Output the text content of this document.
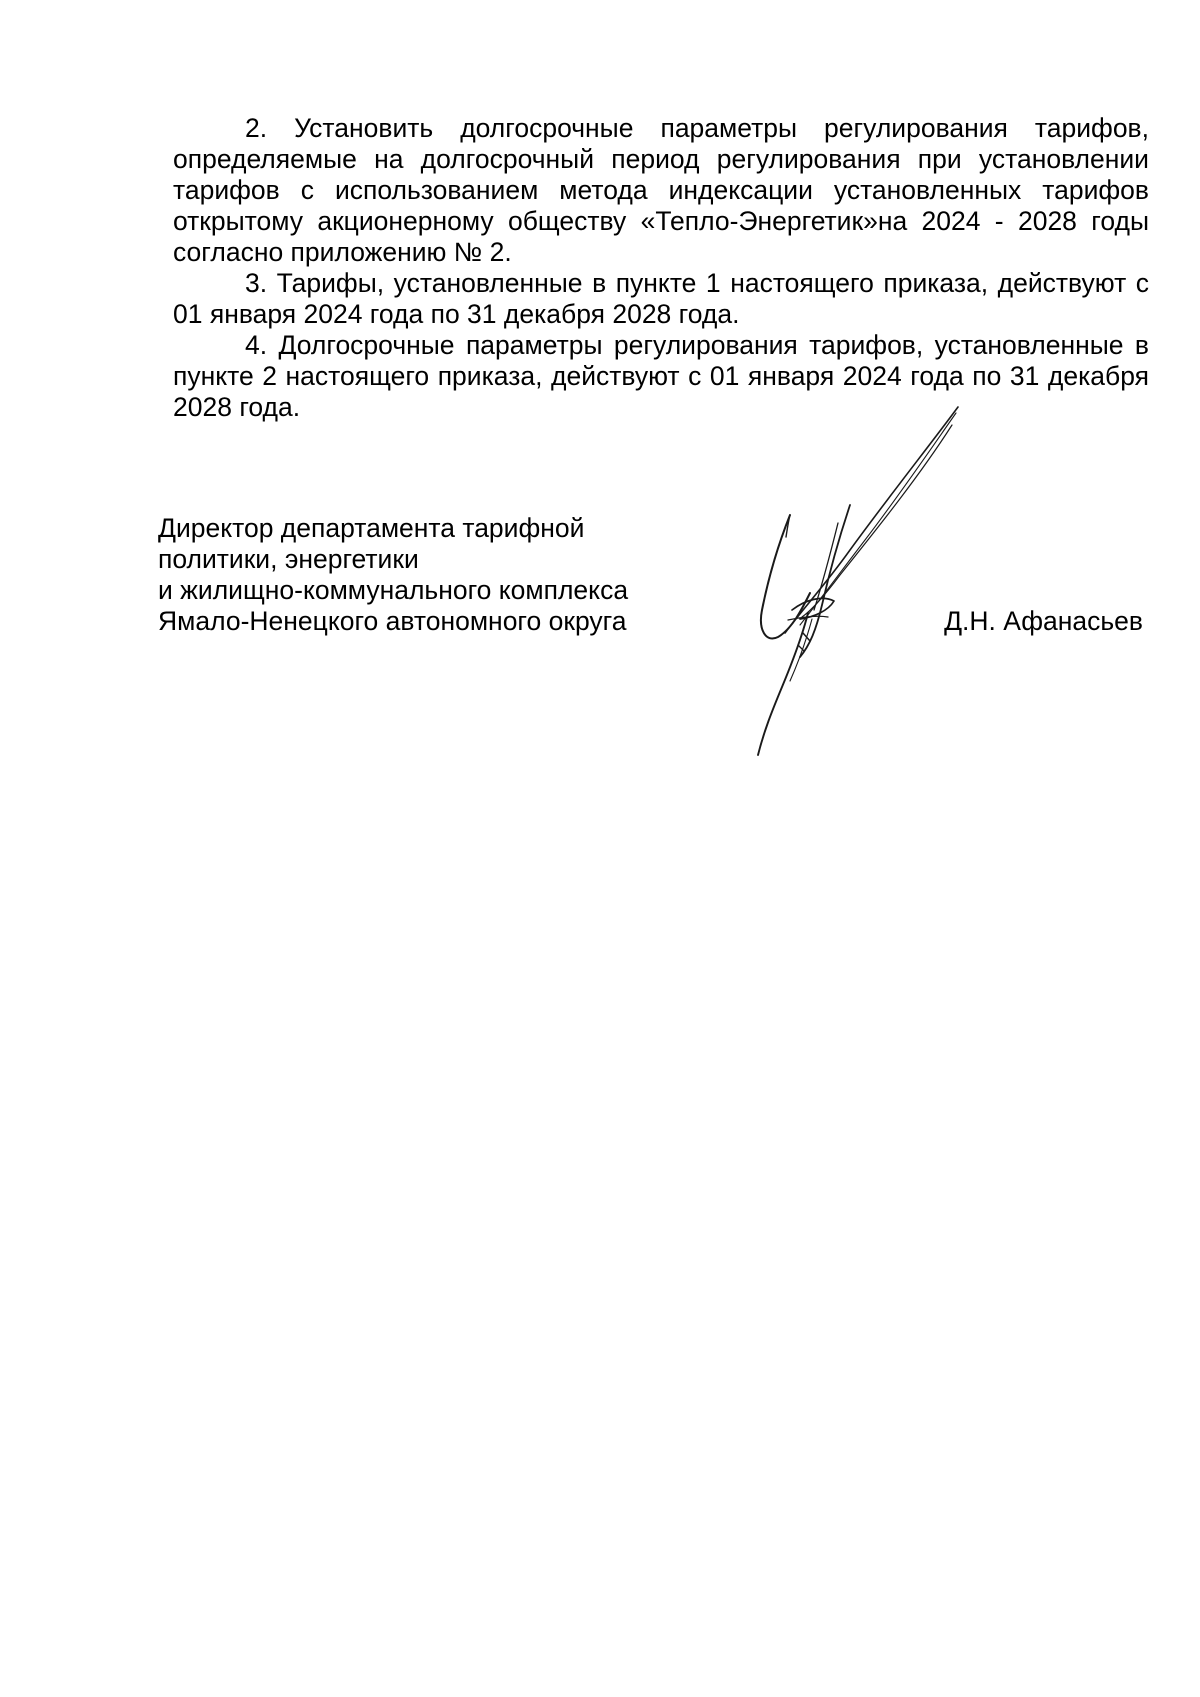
2. Установить долгосрочные параметры регулирования тарифов, определяемые на долгосрочный период регулирования при установлении тарифов с использованием метода индексации установленных тарифов открытому акционерному обществу «Тепло-Энергетик»на 2024 - 2028 годы согласно приложению № 2.

3. Тарифы, установленные в пункте 1 настоящего приказа, действуют с 01 января 2024 года по 31 декабря 2028 года.

4. Долгосрочные параметры регулирования тарифов, установленные в пункте 2 настоящего приказа, действуют с 01 января 2024 года по 31 декабря 2028 года.

Директор департамента тарифной
политики, энергетики
и жилищно-коммунального комплекса
Ямало-Ненецкого автономного округа	Д.Н. Афанасьев
